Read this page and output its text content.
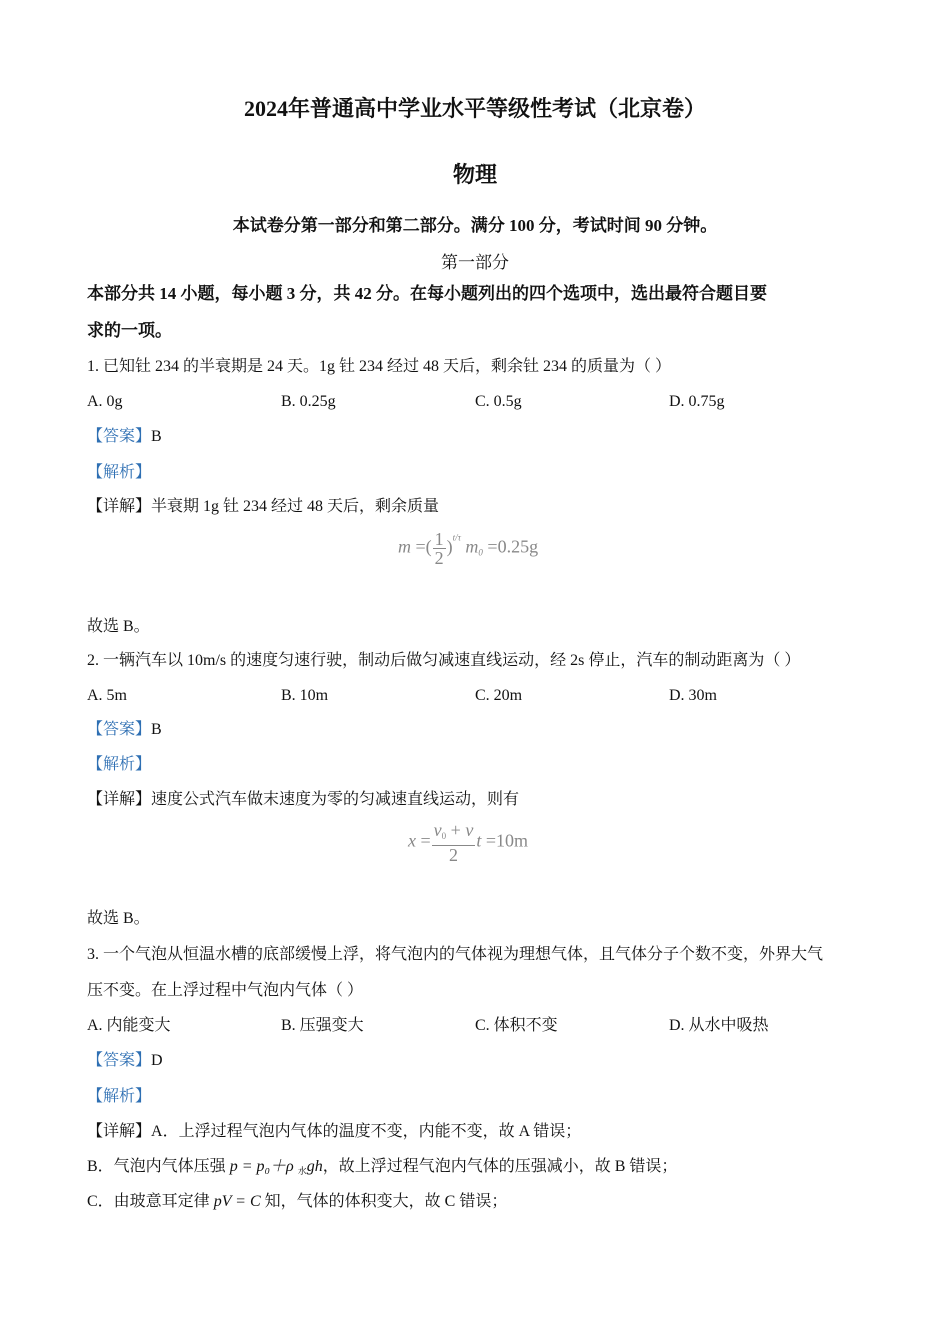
2024年普通高中学业水平等级性考试（北京卷）
物理
本试卷分第一部分和第二部分。满分 100 分，考试时间 90 分钟。
第一部分
本部分共 14 小题，每小题 3 分，共 42 分。在每小题列出的四个选项中，选出最符合题目要
求的一项。
1. 已知钍 234 的半衰期是 24 天。1g 钍 234 经过 48 天后，剩余钍 234 的质量为（ ）
A. 0g	B. 0.25g	C. 0.5g	D. 0.75g
【答案】B
【解析】
【详解】半衰期 1g 钍 234 经过 48 天后，剩余质量
m =( $\frac{1}{2} )^{t/\tau}$ $m_0 =0.25g$
故选 B。
2. 一辆汽车以 10m/s 的速度匀速行驶，制动后做匀减速直线运动，经 2s 停止，汽车的制动距离为（ ）
A. 5m	B. 10m	C. 20m	D. 30m
【答案】B
【解析】
【详解】速度公式汽车做末速度为零的匀减速直线运动，则有
$x = \frac{v_0 + v}{2}$ t =10m
故选 B。
3. 一个气泡从恒温水槽的底部缓慢上浮，将气泡内的气体视为理想气体，且气体分子个数不变，外界大气
压不变。在上浮过程中气泡内气体（ ）
A. 内能变大	B. 压强变大	C. 体积不变	D. 从水中吸热
【答案】D
【解析】
【详解】A．上浮过程气泡内气体的温度不变，内能不变，故 A 错误；
B．气泡内气体压强 p = p₀＋ρ $_水$gh，故上浮过程气泡内气体的压强减小，故 B 错误；
C．由玻意耳定律 pV = C 知，气体的体积变大，故 C 错误；
